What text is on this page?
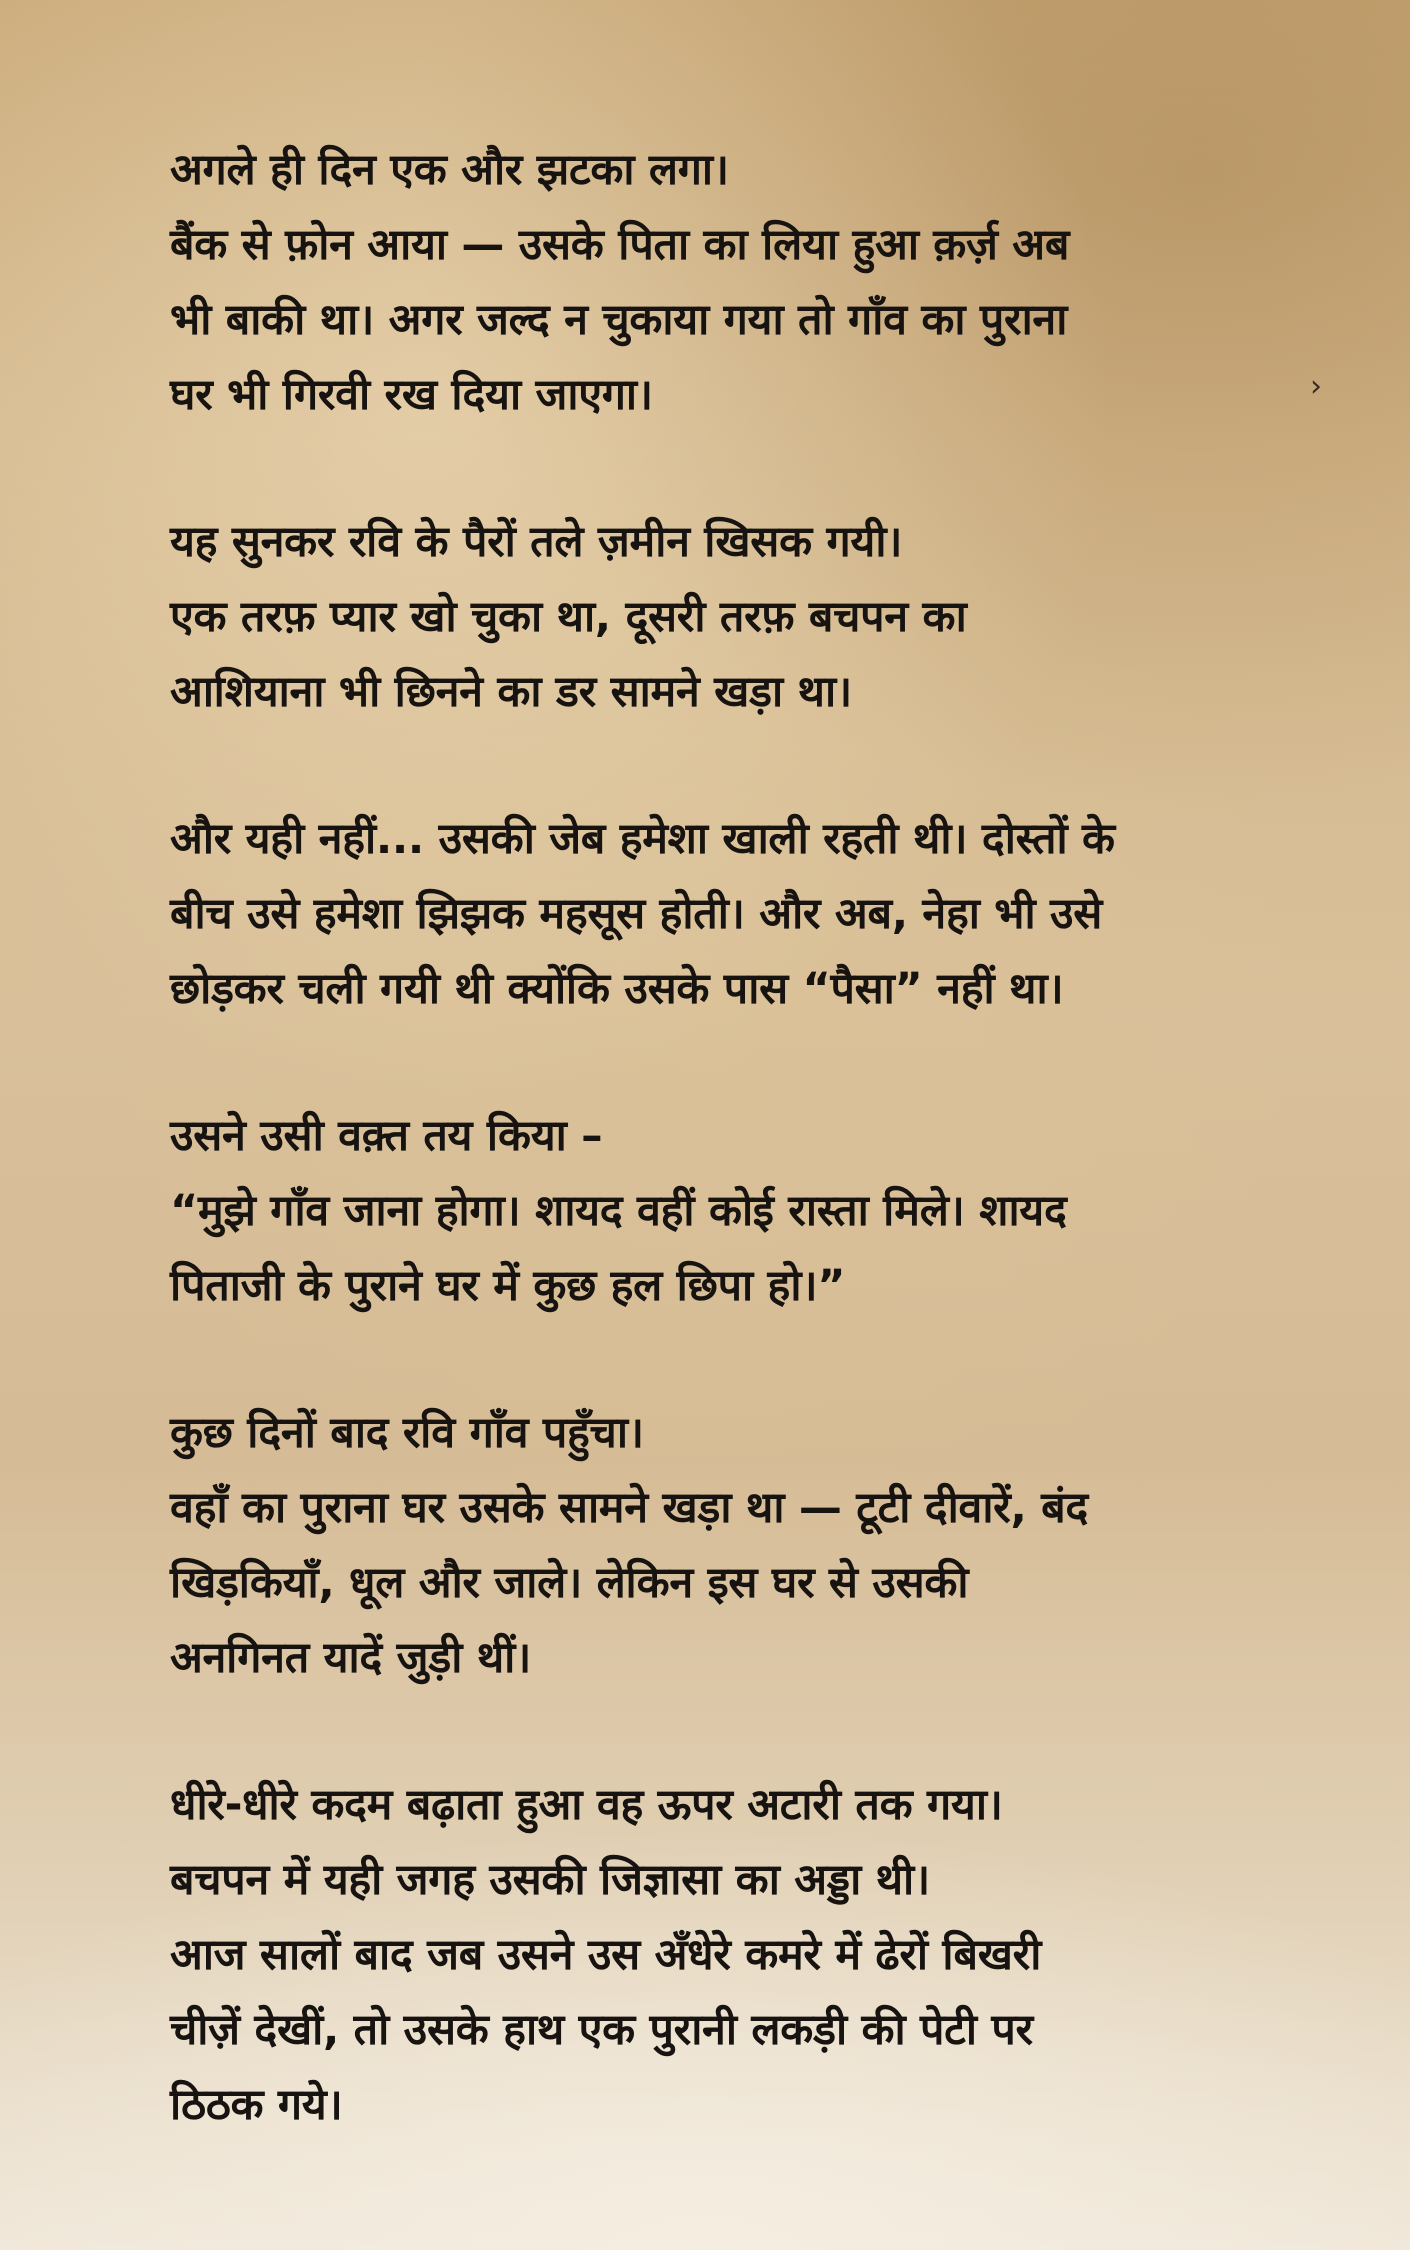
अगले ही दिन एक और झटका लगा।
बैंक से फ़ोन आया — उसके पिता का लिया हुआ क़र्ज़ अब
भी बाकी था। अगर जल्द न चुकाया गया तो गाँव का पुराना
घर भी गिरवी रख दिया जाएगा।
यह सुनकर रवि के पैरों तले ज़मीन खिसक गयी।
एक तरफ़ प्यार खो चुका था, दूसरी तरफ़ बचपन का
आशियाना भी छिनने का डर सामने खड़ा था।
और यही नहीं... उसकी जेब हमेशा खाली रहती थी। दोस्तों के
बीच उसे हमेशा झिझक महसूस होती। और अब, नेहा भी उसे
छोड़कर चली गयी थी क्योंकि उसके पास “पैसा” नहीं था।
उसने उसी वक़्त तय किया –
“मुझे गाँव जाना होगा। शायद वहीं कोई रास्ता मिले। शायद
पिताजी के पुराने घर में कुछ हल छिपा हो।”
कुछ दिनों बाद रवि गाँव पहुँचा।
वहाँ का पुराना घर उसके सामने खड़ा था — टूटी दीवारें, बंद
खिड़कियाँ, धूल और जाले। लेकिन इस घर से उसकी
अनगिनत यादें जुड़ी थीं।
धीरे-धीरे कदम बढ़ाता हुआ वह ऊपर अटारी तक गया।
बचपन में यही जगह उसकी जिज्ञासा का अड्डा थी।
आज सालों बाद जब उसने उस अँधेरे कमरे में ढेरों बिखरी
चीज़ें देखीं, तो उसके हाथ एक पुरानी लकड़ी की पेटी पर
ठिठक गये।
›
